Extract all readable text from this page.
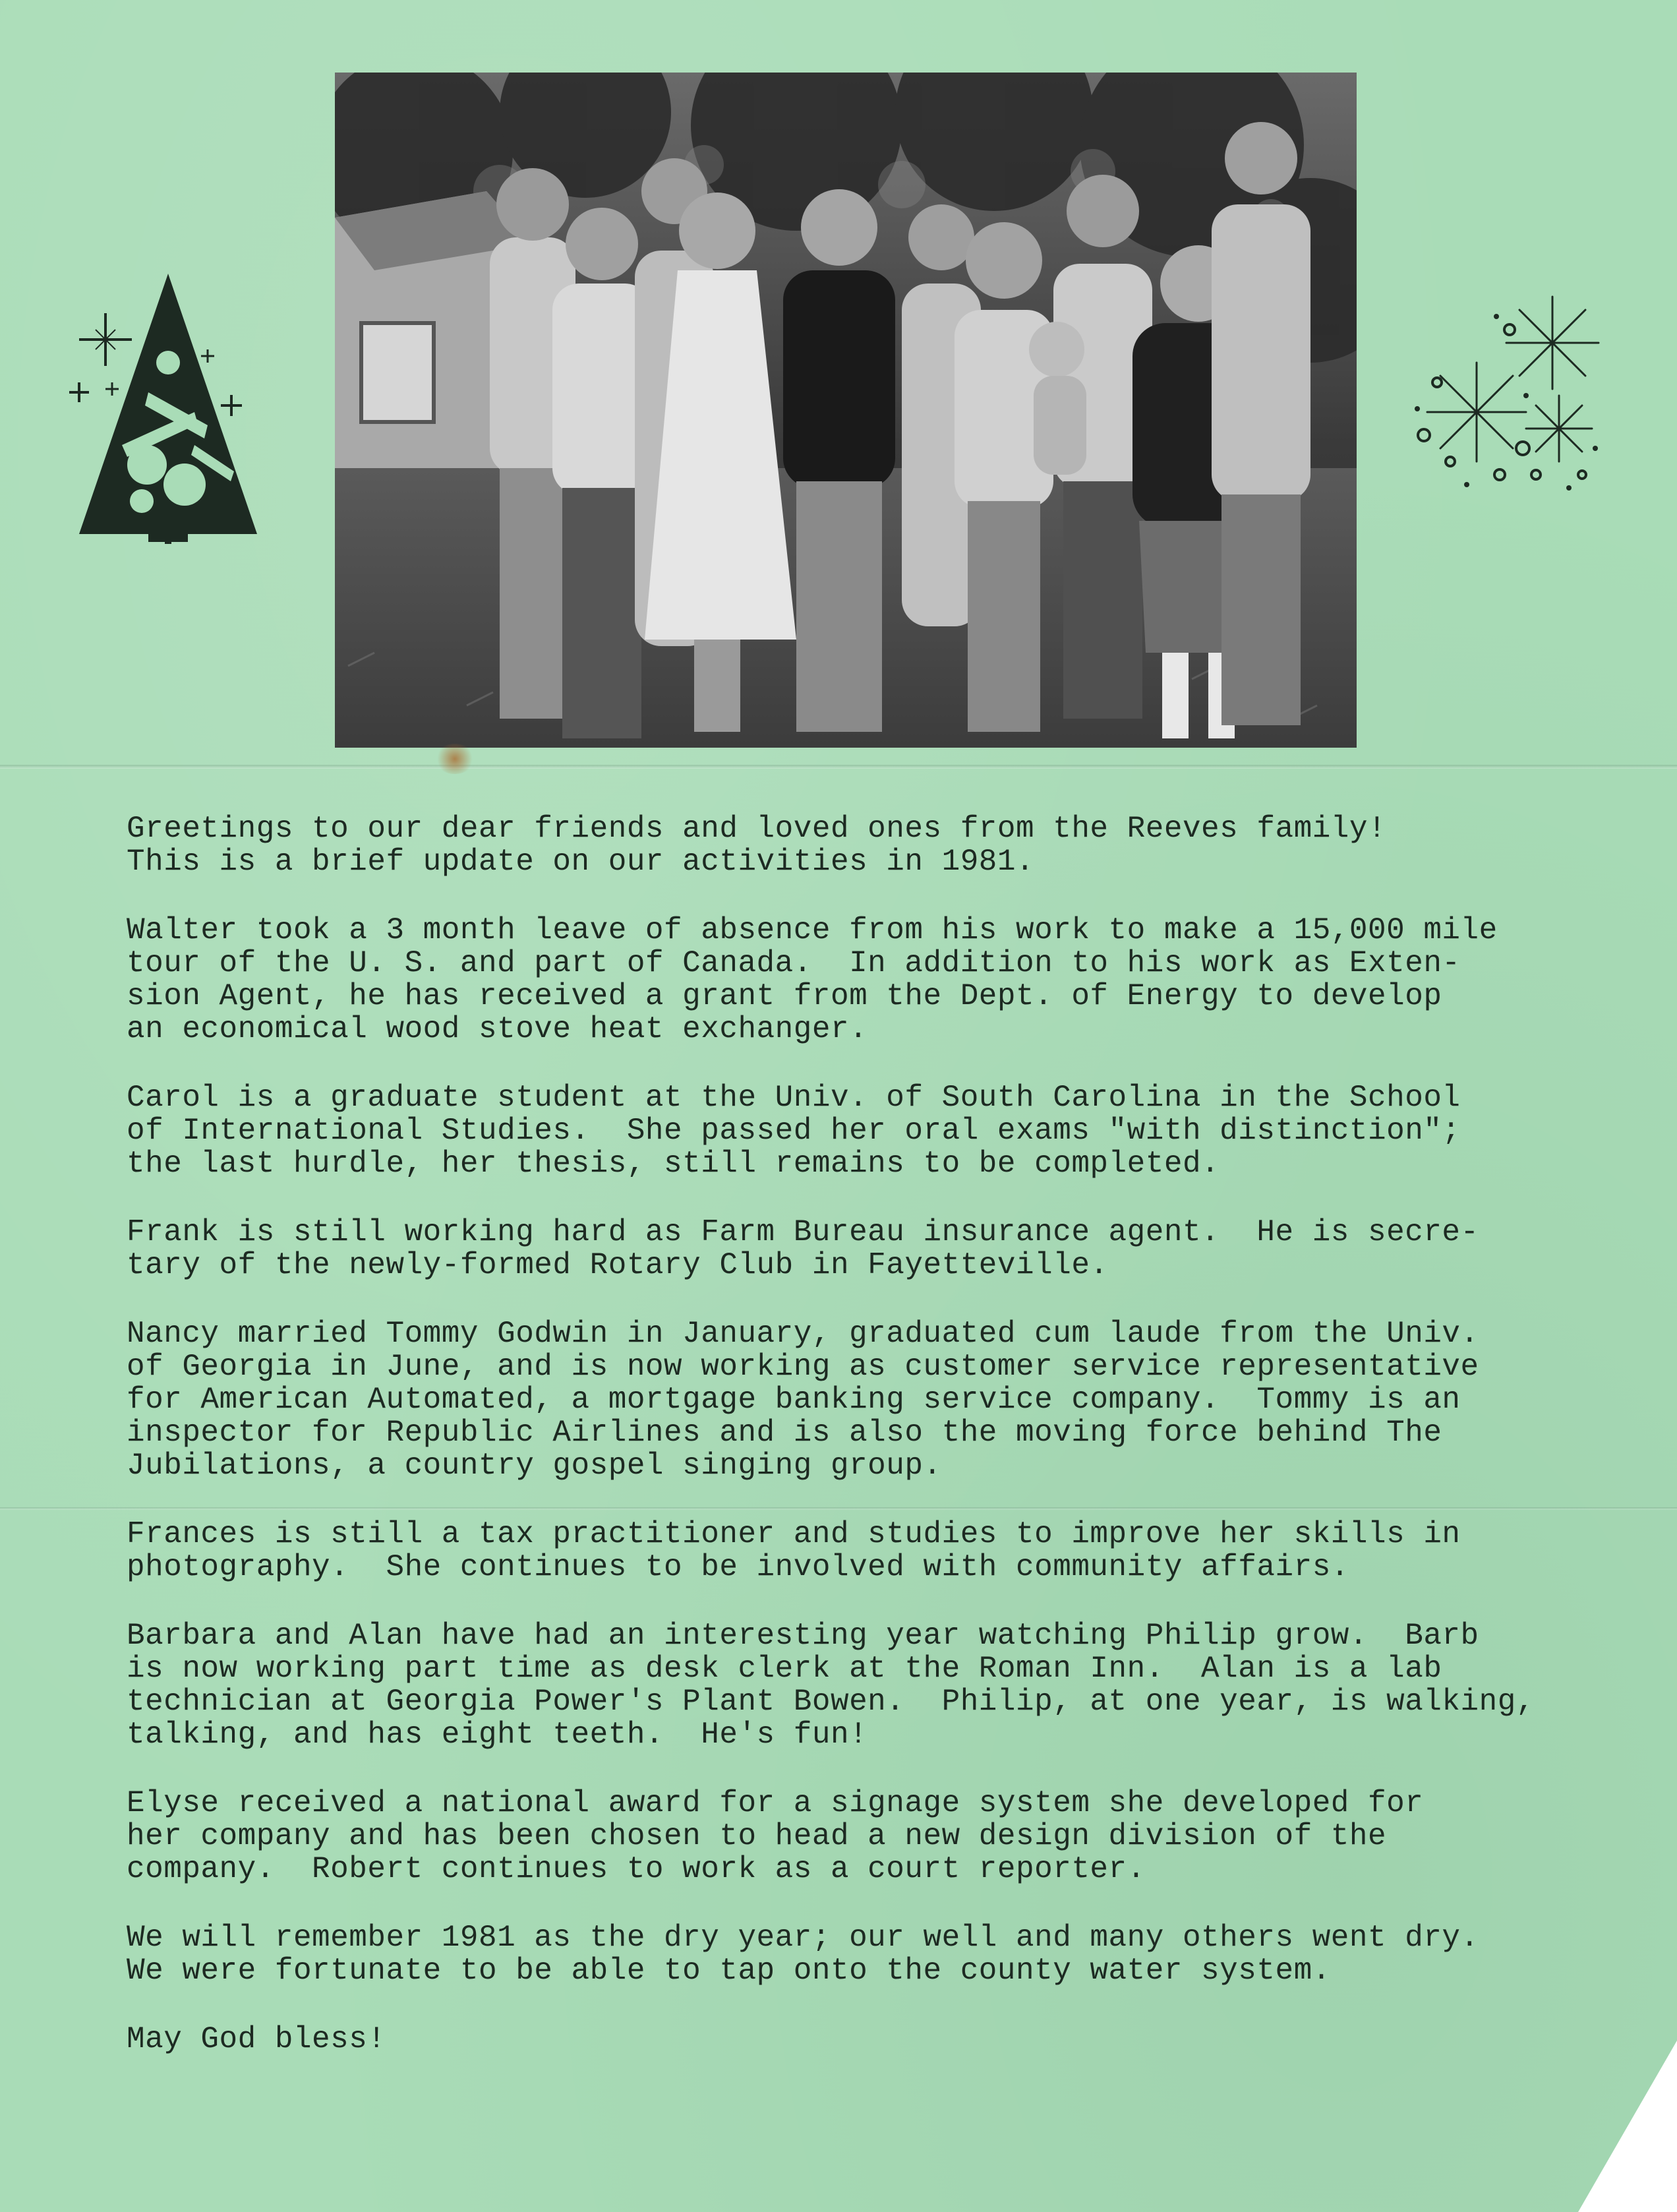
Greetings to our dear friends and loved ones from the Reeves family!
This is a brief update on our activities in 1981.
Walter took a 3 month leave of absence from his work to make a 15,000 mile
tour of the U. S. and part of Canada.  In addition to his work as Exten-
sion Agent, he has received a grant from the Dept. of Energy to develop
an economical wood stove heat exchanger.
Carol is a graduate student at the Univ. of South Carolina in the School
of International Studies.  She passed her oral exams "with distinction";
the last hurdle, her thesis, still remains to be completed.
Frank is still working hard as Farm Bureau insurance agent.  He is secre-
tary of the newly-formed Rotary Club in Fayetteville.
Nancy married Tommy Godwin in January, graduated cum laude from the Univ.
of Georgia in June, and is now working as customer service representative
for American Automated, a mortgage banking service company.  Tommy is an
inspector for Republic Airlines and is also the moving force behind The
Jubilations, a country gospel singing group.
Frances is still a tax practitioner and studies to improve her skills in
photography.  She continues to be involved with community affairs.
Barbara and Alan have had an interesting year watching Philip grow.  Barb
is now working part time as desk clerk at the Roman Inn.  Alan is a lab
technician at Georgia Power's Plant Bowen.  Philip, at one year, is walking,
talking, and has eight teeth.  He's fun!
Elyse received a national award for a signage system she developed for
her company and has been chosen to head a new design division of the
company.  Robert continues to work as a court reporter.
We will remember 1981 as the dry year; our well and many others went dry.
We were fortunate to be able to tap onto the county water system.
May God bless!
